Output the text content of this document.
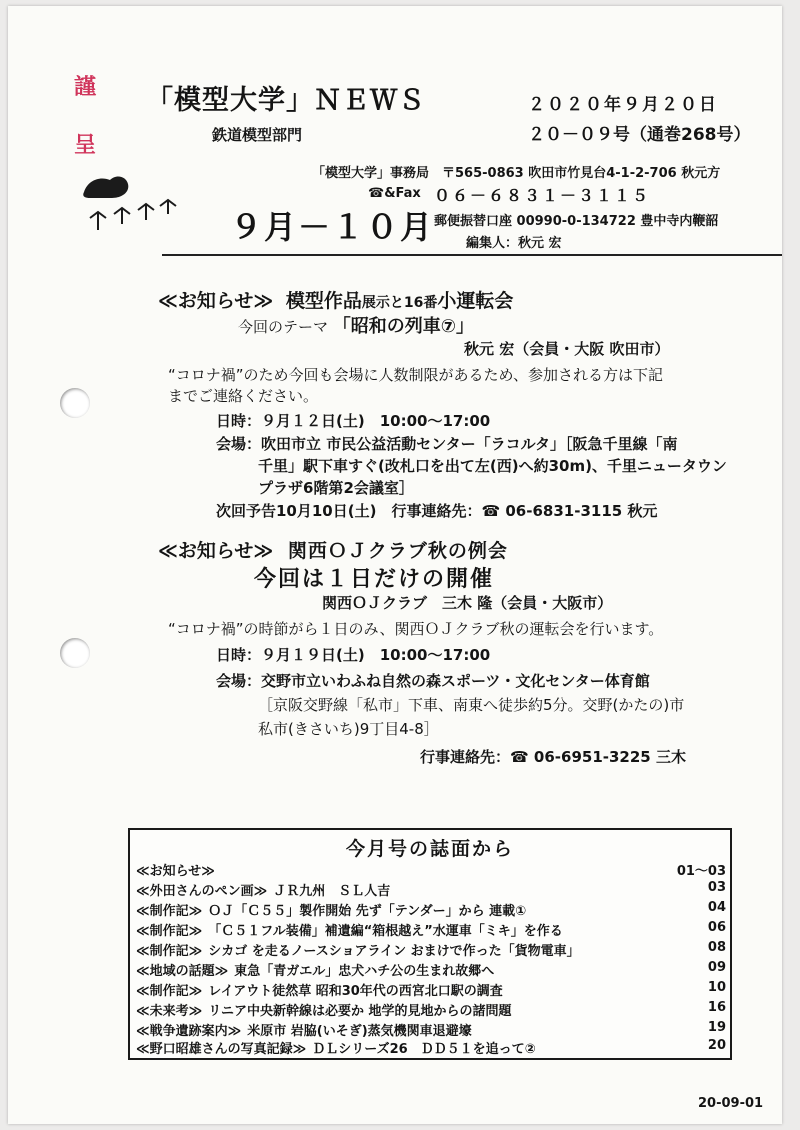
謹
呈
「模型大学」ＮＥＷＳ
鉄道模型部門
２０２０年９月２０日
２０－０９号（通巻268号）
「模型大学」事務局　〒565-0863 吹田市竹見台4-1-2-706 秋元方
☎&Fax ０６－６８３１－３１１５
９月－１０月 郵便振替口座 00990-0-134722 豊中寺内鞭韶
編集人：秋元 宏
≪お知らせ≫ 模型作品展示と16番小運転会
今回のテーマ 「昭和の列車⑦」
秋元 宏（会員・大阪 吹田市）
“コロナ禍”のため今回も会場に人数制限があるため、参加される方は下記
までご連絡ください。
日時：９月１２日(土)　10:00～17:00
会場：吹田市立 市民公益活動センター「ラコルタ」［阪急千里線「南
千里」駅下車すぐ(改札口を出て左(西)へ約30m)、千里ニュータウン
プラザ6階第2会議室］
次回予告10月10日(土)　行事連絡先：☎ 06-6831-3115 秋元
≪お知らせ≫ 関西ＯＪクラブ秋の例会
今回は１日だけの開催
関西ＯＪクラブ　三木 隆（会員・大阪市）
“コロナ禍”の時節がら１日のみ、関西ＯＪクラブ秋の運転会を行います。
日時：９月１９日(土)　10:00～17:00
会場：交野市立いわふね自然の森スポーツ・文化センター体育館
［京阪交野線「私市」下車、南東へ徒歩約5分。交野(かたの)市
私市(きさいち)9丁目4-8］
行事連絡先：☎ 06-6951-3225 三木
今月号の誌面から
≪お知らせ≫	01～03
≪外田さんのペン画≫ ＪＲ九州　ＳＬ人吉	03
≪制作記≫ ＯＪ「Ｃ５５」製作開始 先ず「テンダー」から 連載①	04
≪制作記≫ 「Ｃ５１フル装備」補遺編“箱根越え”水運車「ミキ」を作る	06
≪制作記≫ シカゴ を走るノースショアライン おまけで作った「貨物電車」	08
≪地域の話題≫ 東急「青ガエル」忠犬ハチ公の生まれ故郷へ	09
≪制作記≫ レイアウト徒然草 昭和30年代の西宮北口駅の調査	10
≪未来考≫ リニア中央新幹線は必要か 地学的見地からの諸問題	16
≪戦争遺跡案内≫ 米原市 岩脇(いそぎ)蒸気機関車退避壕	19
≪野口昭雄さんの写真記録≫ ＤＬシリーズ26　ＤＤ５１を追って②	20
20-09-01
